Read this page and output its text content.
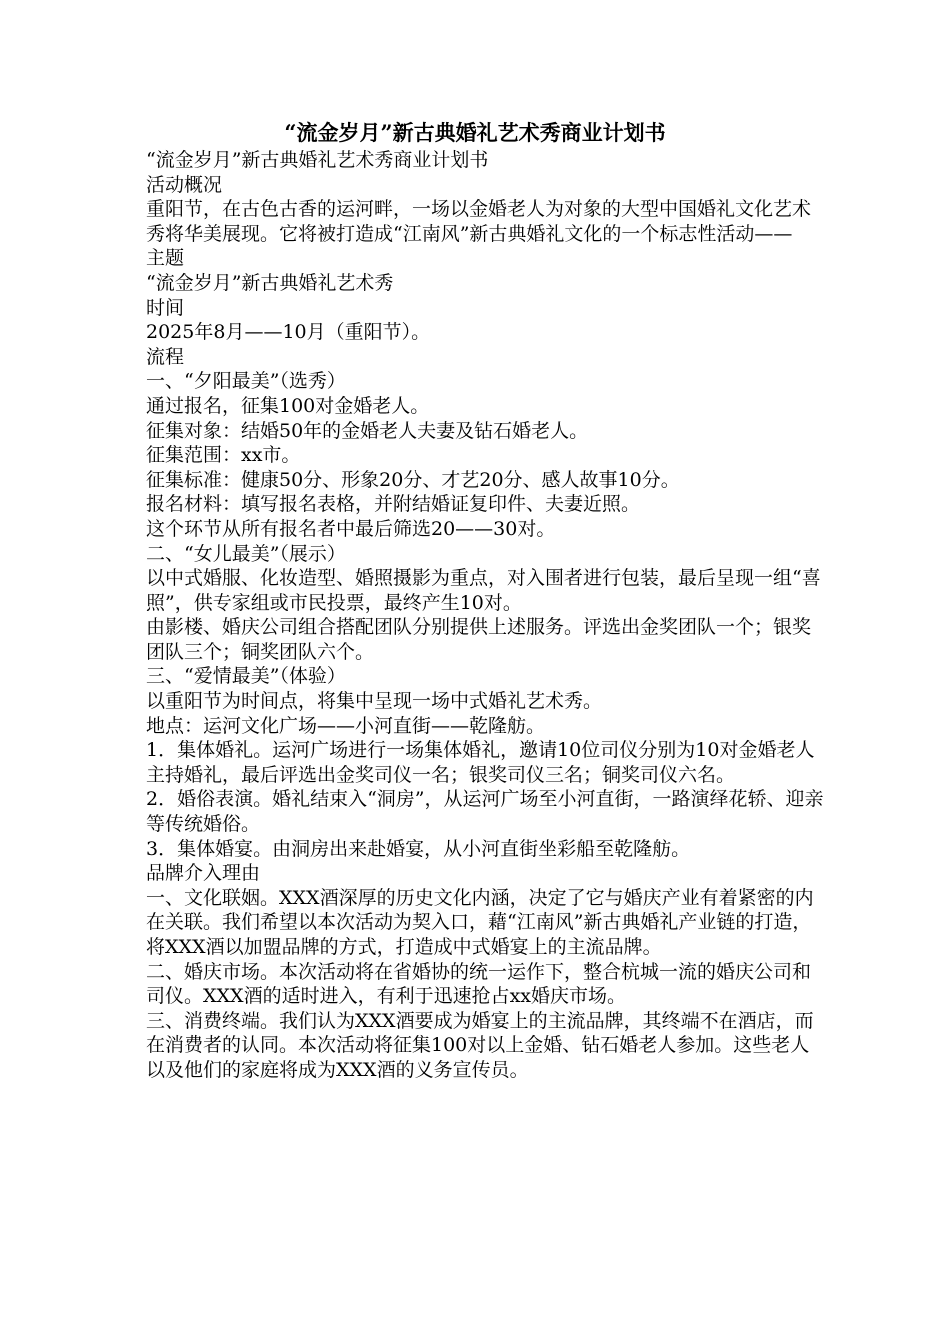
“流金岁月”新古典婚礼艺术秀商业计划书

“流金岁月”新古典婚礼艺术秀商业计划书

活动概况

重阳节，在古色古香的运河畔，一场以金婚老人为对象的大型中国婚礼文化艺术秀将华美展现。它将被打造成“江南风”新古典婚礼文化的一个标志性活动——

主题

“流金岁月”新古典婚礼艺术秀

时间

2025年8月——10月（重阳节）。

流程

一、“夕阳最美”（选秀）

通过报名，征集100对金婚老人。

征集对象：结婚50年的金婚老人夫妻及钻石婚老人。

征集范围：xx市。

征集标准：健康50分、形象20分、才艺20分、感人故事10分。

报名材料：填写报名表格，并附结婚证复印件、夫妻近照。

这个环节从所有报名者中最后筛选20——30对。

二、“女儿最美”（展示）

以中式婚服、化妆造型、婚照摄影为重点，对入围者进行包装，最后呈现一组“喜照”，供专家组或市民投票，最终产生10对。

由影楼、婚庆公司组合搭配团队分别提供上述服务。评选出金奖团队一个；银奖团队三个；铜奖团队六个。

三、“爱情最美”（体验）

以重阳节为时间点，将集中呈现一场中式婚礼艺术秀。

地点：运河文化广场——小河直街——乾隆舫。

1．集体婚礼。运河广场进行一场集体婚礼，邀请10位司仪分别为10对金婚老人主持婚礼，最后评选出金奖司仪一名；银奖司仪三名；铜奖司仪六名。

2．婚俗表演。婚礼结束入“洞房”，从运河广场至小河直街，一路演绎花轿、迎亲等传统婚俗。

3．集体婚宴。由洞房出来赴婚宴，从小河直街坐彩船至乾隆舫。

品牌介入理由

一、文化联姻。XXX酒深厚的历史文化内涵，决定了它与婚庆产业有着紧密的内在关联。我们希望以本次活动为契入口，藉“江南风”新古典婚礼产业链的打造，将XXX酒以加盟品牌的方式，打造成中式婚宴上的主流品牌。

二、婚庆市场。本次活动将在省婚协的统一运作下，整合杭城一流的婚庆公司和司仪。XXX酒的适时进入，有利于迅速抢占xx婚庆市场。

三、消费终端。我们认为XXX酒要成为婚宴上的主流品牌，其终端不在酒店，而在消费者的认同。本次活动将征集100对以上金婚、钻石婚老人参加。这些老人以及他们的家庭将成为XXX酒的义务宣传员。
